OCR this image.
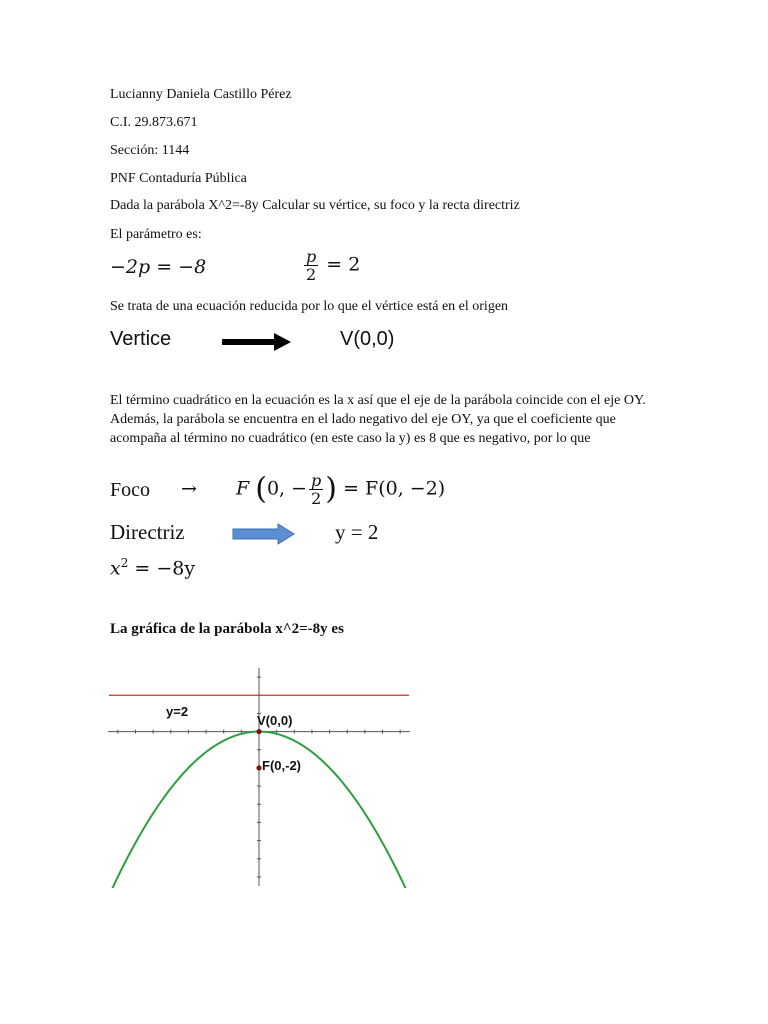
Lucianny Daniela Castillo Pérez
C.I. 29.873.671
Sección: 1144
PNF Contaduría Pública
Dada la parábola X^2=-8y Calcular su vértice, su foco y la recta directriz
El parámetro es:
−2p = −8	$\frac{p}{2} = 2$
Se trata de una ecuación reducida por lo que el vértice está en el origen
Vertice	V(0,0)
El término cuadrático en la ecuación es la x así que el eje de la parábola coincide con el eje OY. Además, la parábola se encuentra en el lado negativo del eje OY, ya que el coeficiente que acompaña al término no cuadrático (en este caso la y) es 8 que es negativo, por lo que
Foco → F (0, − $\frac{p}{2}$ ) = F(0, −2)
Directriz	y = 2
$x^2 = -8y$
La gráfica de la parábola x^2=-8y es
y=2
V(0,0)
F(0,-2)
